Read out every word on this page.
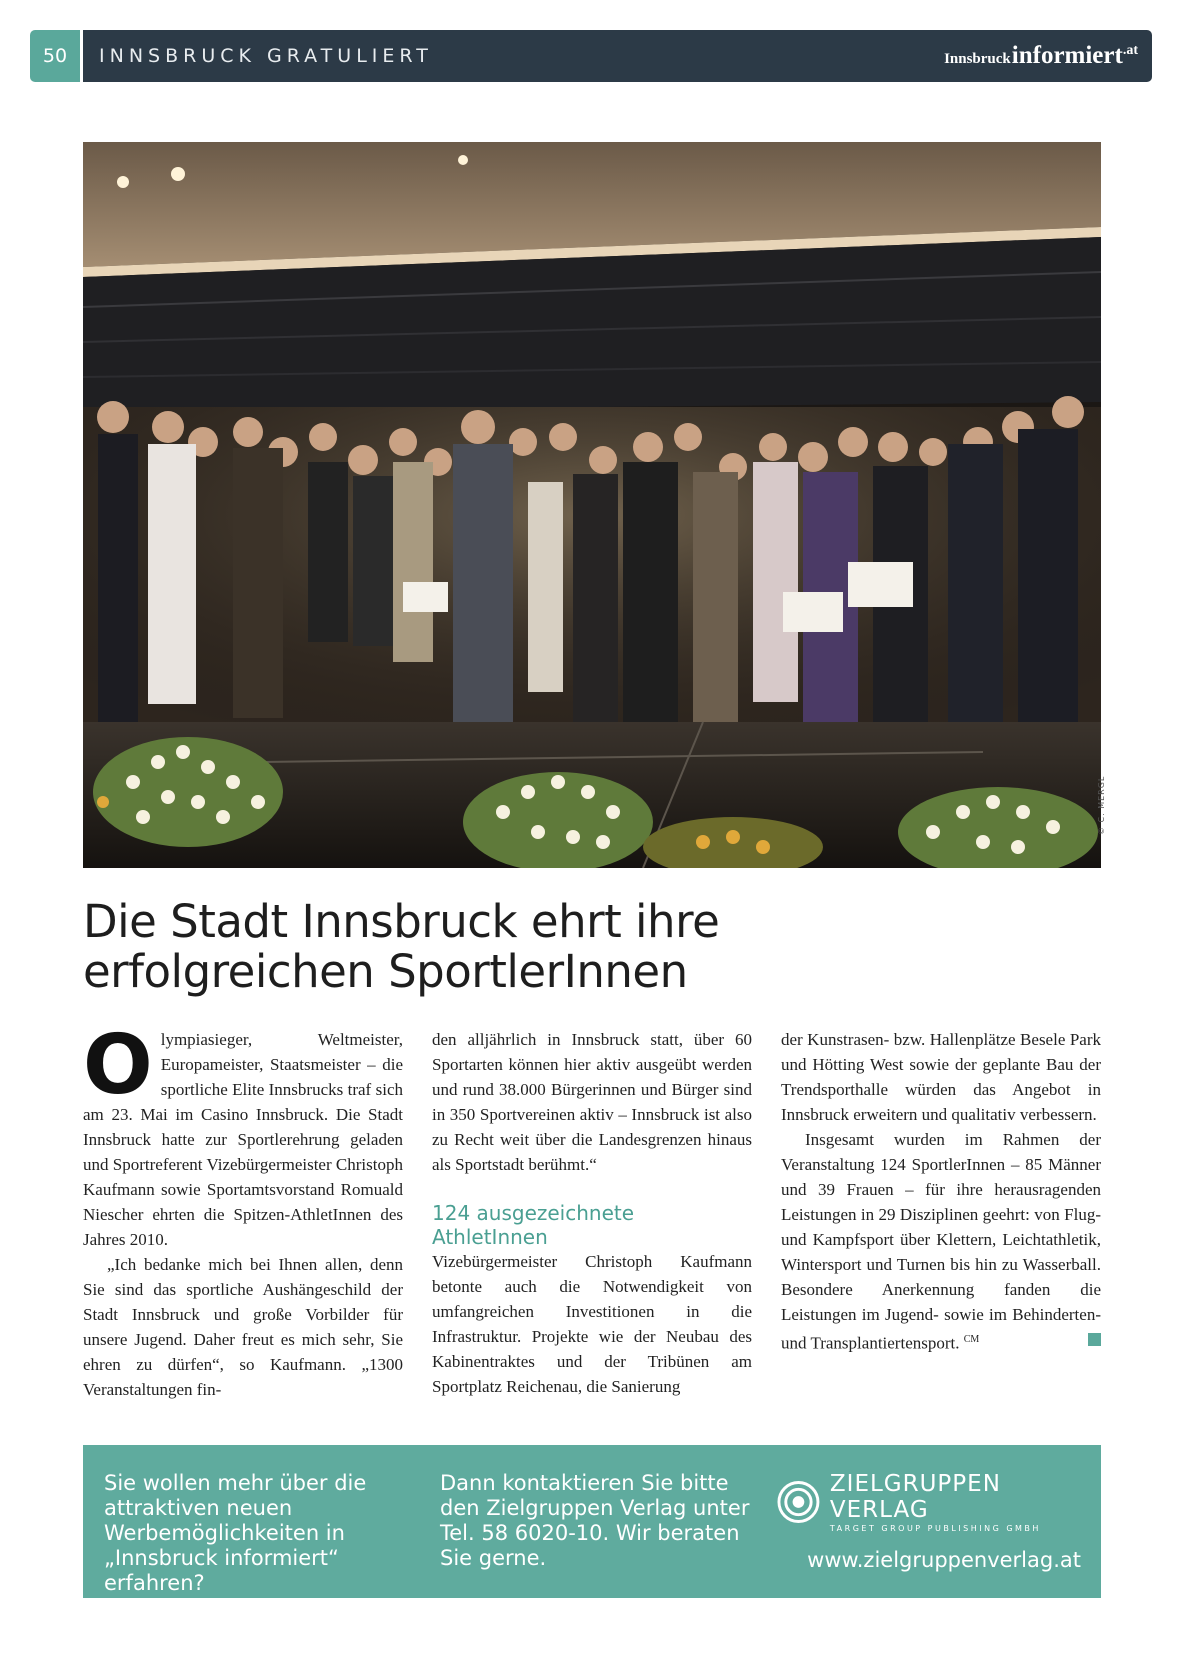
50	INNSBRUCK GRATULIERT	Innsbruck informiert .at
© C. MERGL
Die Stadt Innsbruck ehrt ihre
erfolgreichen SportlerInnen

Olympiasieger, Weltmeister, Europameister, Staatsmeister – die sportliche Elite Innsbrucks traf sich am 23. Mai im Casino Innsbruck. Die Stadt Innsbruck hatte zur Sportlerehrung geladen und Sportreferent Vizebürgermeister Christoph Kaufmann sowie Sportamtsvorstand Romuald Niescher ehrten die Spitzen-AthletInnen des Jahres 2010.

„Ich bedanke mich bei Ihnen allen, denn Sie sind das sportliche Aushängeschild der Stadt Innsbruck und große Vorbilder für unsere Jugend. Daher freut es mich sehr, Sie ehren zu dürfen“, so Kaufmann. „1300 Veranstaltungen fin-

den alljährlich in Innsbruck statt, über 60 Sportarten können hier aktiv ausgeübt werden und rund 38.000 Bürgerinnen und Bürger sind in 350 Sportvereinen aktiv – Innsbruck ist also zu Recht weit über die Landesgrenzen hinaus als Sportstadt berühmt.“

124 ausgezeichnete AthletInnen

Vizebürgermeister Christoph Kaufmann betonte auch die Notwendigkeit von umfangreichen Investitionen in die Infrastruktur. Projekte wie der Neubau des Kabinentraktes und der Tribünen am Sportplatz Reichenau, die Sanierung

der Kunstrasen- bzw. Hallenplätze Besele Park und Hötting West sowie der geplante Bau der Trendsporthalle würden das Angebot in Innsbruck erweitern und qualitativ verbessern.

Insgesamt wurden im Rahmen der Veranstaltung 124 SportlerInnen – 85 Männer und 39 Frauen – für ihre herausragenden Leistungen in 29 Disziplinen geehrt: von Flug- und Kampfsport über Klettern, Leichtathletik, Wintersport und Turnen bis hin zu Wasserball. Besondere Anerkennung fanden die Leistungen im Jugend- sowie im Behinderten- und Transplantiertensport. $^{CM}$

Sie wollen mehr über die attraktiven neuen Werbemöglichkeiten in „Innsbruck informiert“ erfahren?
Dann kontaktieren Sie bitte den Zielgruppen Verlag unter Tel. 58 6020-10. Wir beraten Sie gerne.
ZIELGRUPPEN VERLAG
TARGET GROUP PUBLISHING GMBH
www.zielgruppenverlag.at
